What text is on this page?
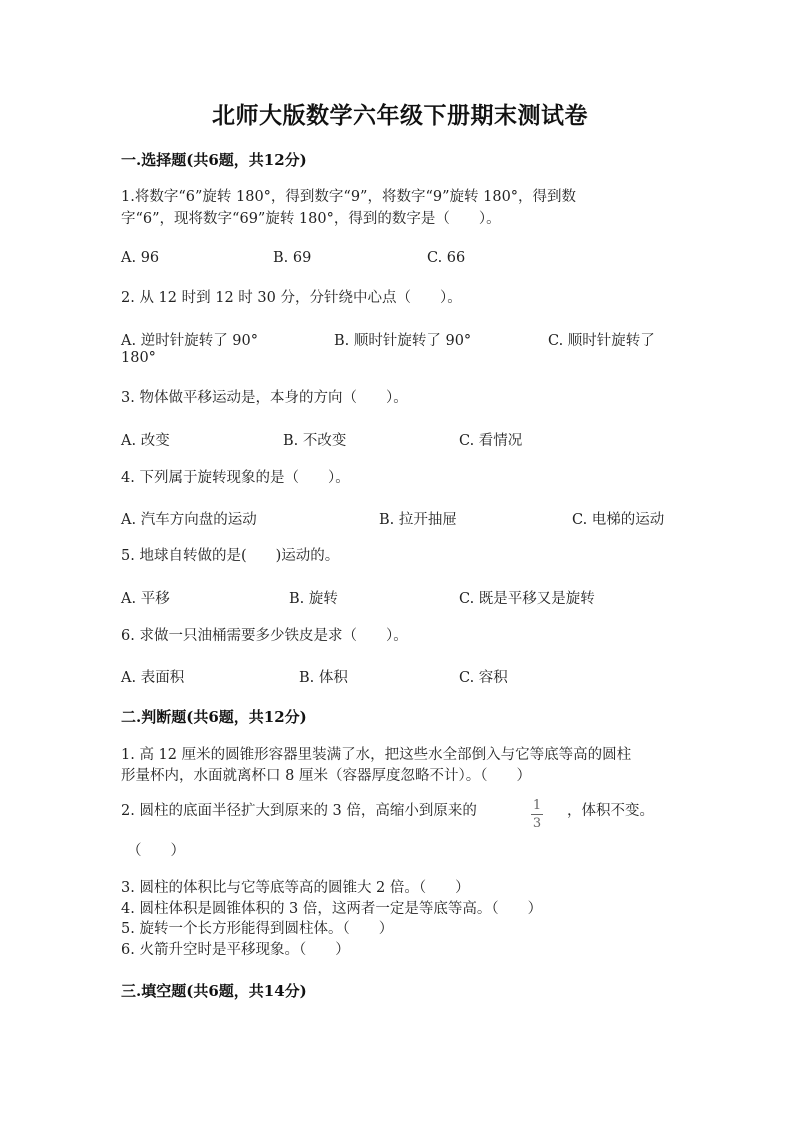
北师大版数学六年级下册期末测试卷
一.选择题(共6题，共12分)
1.将数字“6”旋转 180°，得到数字“9”，将数字“9”旋转 180°，得到数
字“6”，现将数字“69”旋转 180°，得到的数字是（　　）。
A. 96	B. 69	C. 66
2. 从 12 时到 12 时 30 分，分针绕中心点（　　）。
A. 逆时针旋转了 90°	B. 顺时针旋转了 90°	C. 顺时针旋转了
180°
3. 物体做平移运动是，本身的方向（　　）。
A. 改变	B. 不改变	C. 看情况
4. 下列属于旋转现象的是（　　）。
A. 汽车方向盘的运动	B. 拉开抽屉	C. 电梯的运动
5. 地球自转做的是(　　)运动的。
A. 平移	B. 旋转	C. 既是平移又是旋转
6. 求做一只油桶需要多少铁皮是求（　　）。
A. 表面积	B. 体积	C. 容积
二.判断题(共6题，共12分)
1. 高 12 厘米的圆锥形容器里装满了水，把这些水全部倒入与它等底等高的圆柱
形量杯内，水面就离杯口 8 厘米（容器厚度忽略不计）。（　　）
2. 圆柱的底面半径扩大到原来的 3 倍，高缩小到原来的	1
3
，体积不变。
（　　）
3. 圆柱的体积比与它等底等高的圆锥大 2 倍。（　　）
4. 圆柱体积是圆锥体积的 3 倍，这两者一定是等底等高。（　　）
5. 旋转一个长方形能得到圆柱体。（　　）
6. 火箭升空时是平移现象。（　　）
三.填空题(共6题，共14分)
